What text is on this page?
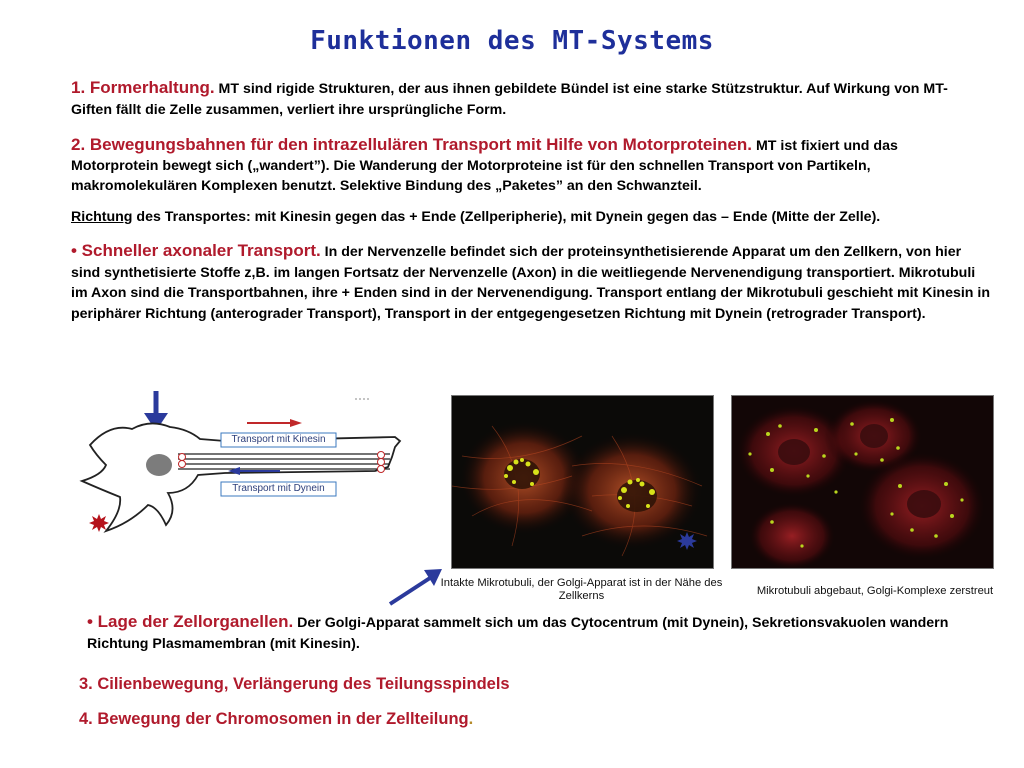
Funktionen des MT-Systems
1. Formerhaltung. MT sind rigide Strukturen, der aus ihnen gebildete Bündel ist eine starke Stützstruktur. Auf Wirkung von MT-Giften fällt die Zelle zusammen, verliert ihre ursprüngliche Form.
2. Bewegungsbahnen für den intrazellulären Transport mit Hilfe von Motorproteinen. MT ist fixiert und das Motorprotein bewegt sich („wandert”). Die Wanderung der Motorproteine ist für den schnellen Transport von Partikeln, makromolekulären Komplexen benutzt. Selektive Bindung des „Paketes” an den Schwanzteil.
Richtung des Transportes: mit Kinesin gegen das + Ende (Zellperipherie), mit Dynein gegen das – Ende (Mitte der Zelle).
• Schneller axonaler Transport. In der Nervenzelle befindet sich der proteinsynthetisierende Apparat um den Zellkern, von hier sind synthetisierte Stoffe z,B. im langen Fortsatz der Nervenzelle (Axon) in die weitliegende Nervenendigung transportiert. Mikrotubuli im Axon sind die Transportbahnen, ihre + Enden sind in der Nervenendigung. Transport entlang der Mikrotubuli geschieht mit Kinesin in periphärer Richtung (anterograder Transport), Transport in der entgegengesetzen Richtung mit Dynein (retrograder Transport).
Transport mit Kinesin
Transport mit Dynein
Intakte Mikrotubuli, der Golgi-Apparat ist in der Nähe des Zellkerns	Mikrotubuli abgebaut, Golgi-Komplexe zerstreut
• Lage der Zellorganellen. Der Golgi-Apparat sammelt sich um das Cytocentrum (mit Dynein), Sekretionsvakuolen wandern Richtung Plasmamembran (mit Kinesin).
3. Cilienbewegung, Verlängerung des Teilungsspindels
4. Bewegung der Chromosomen in der Zellteilung.
